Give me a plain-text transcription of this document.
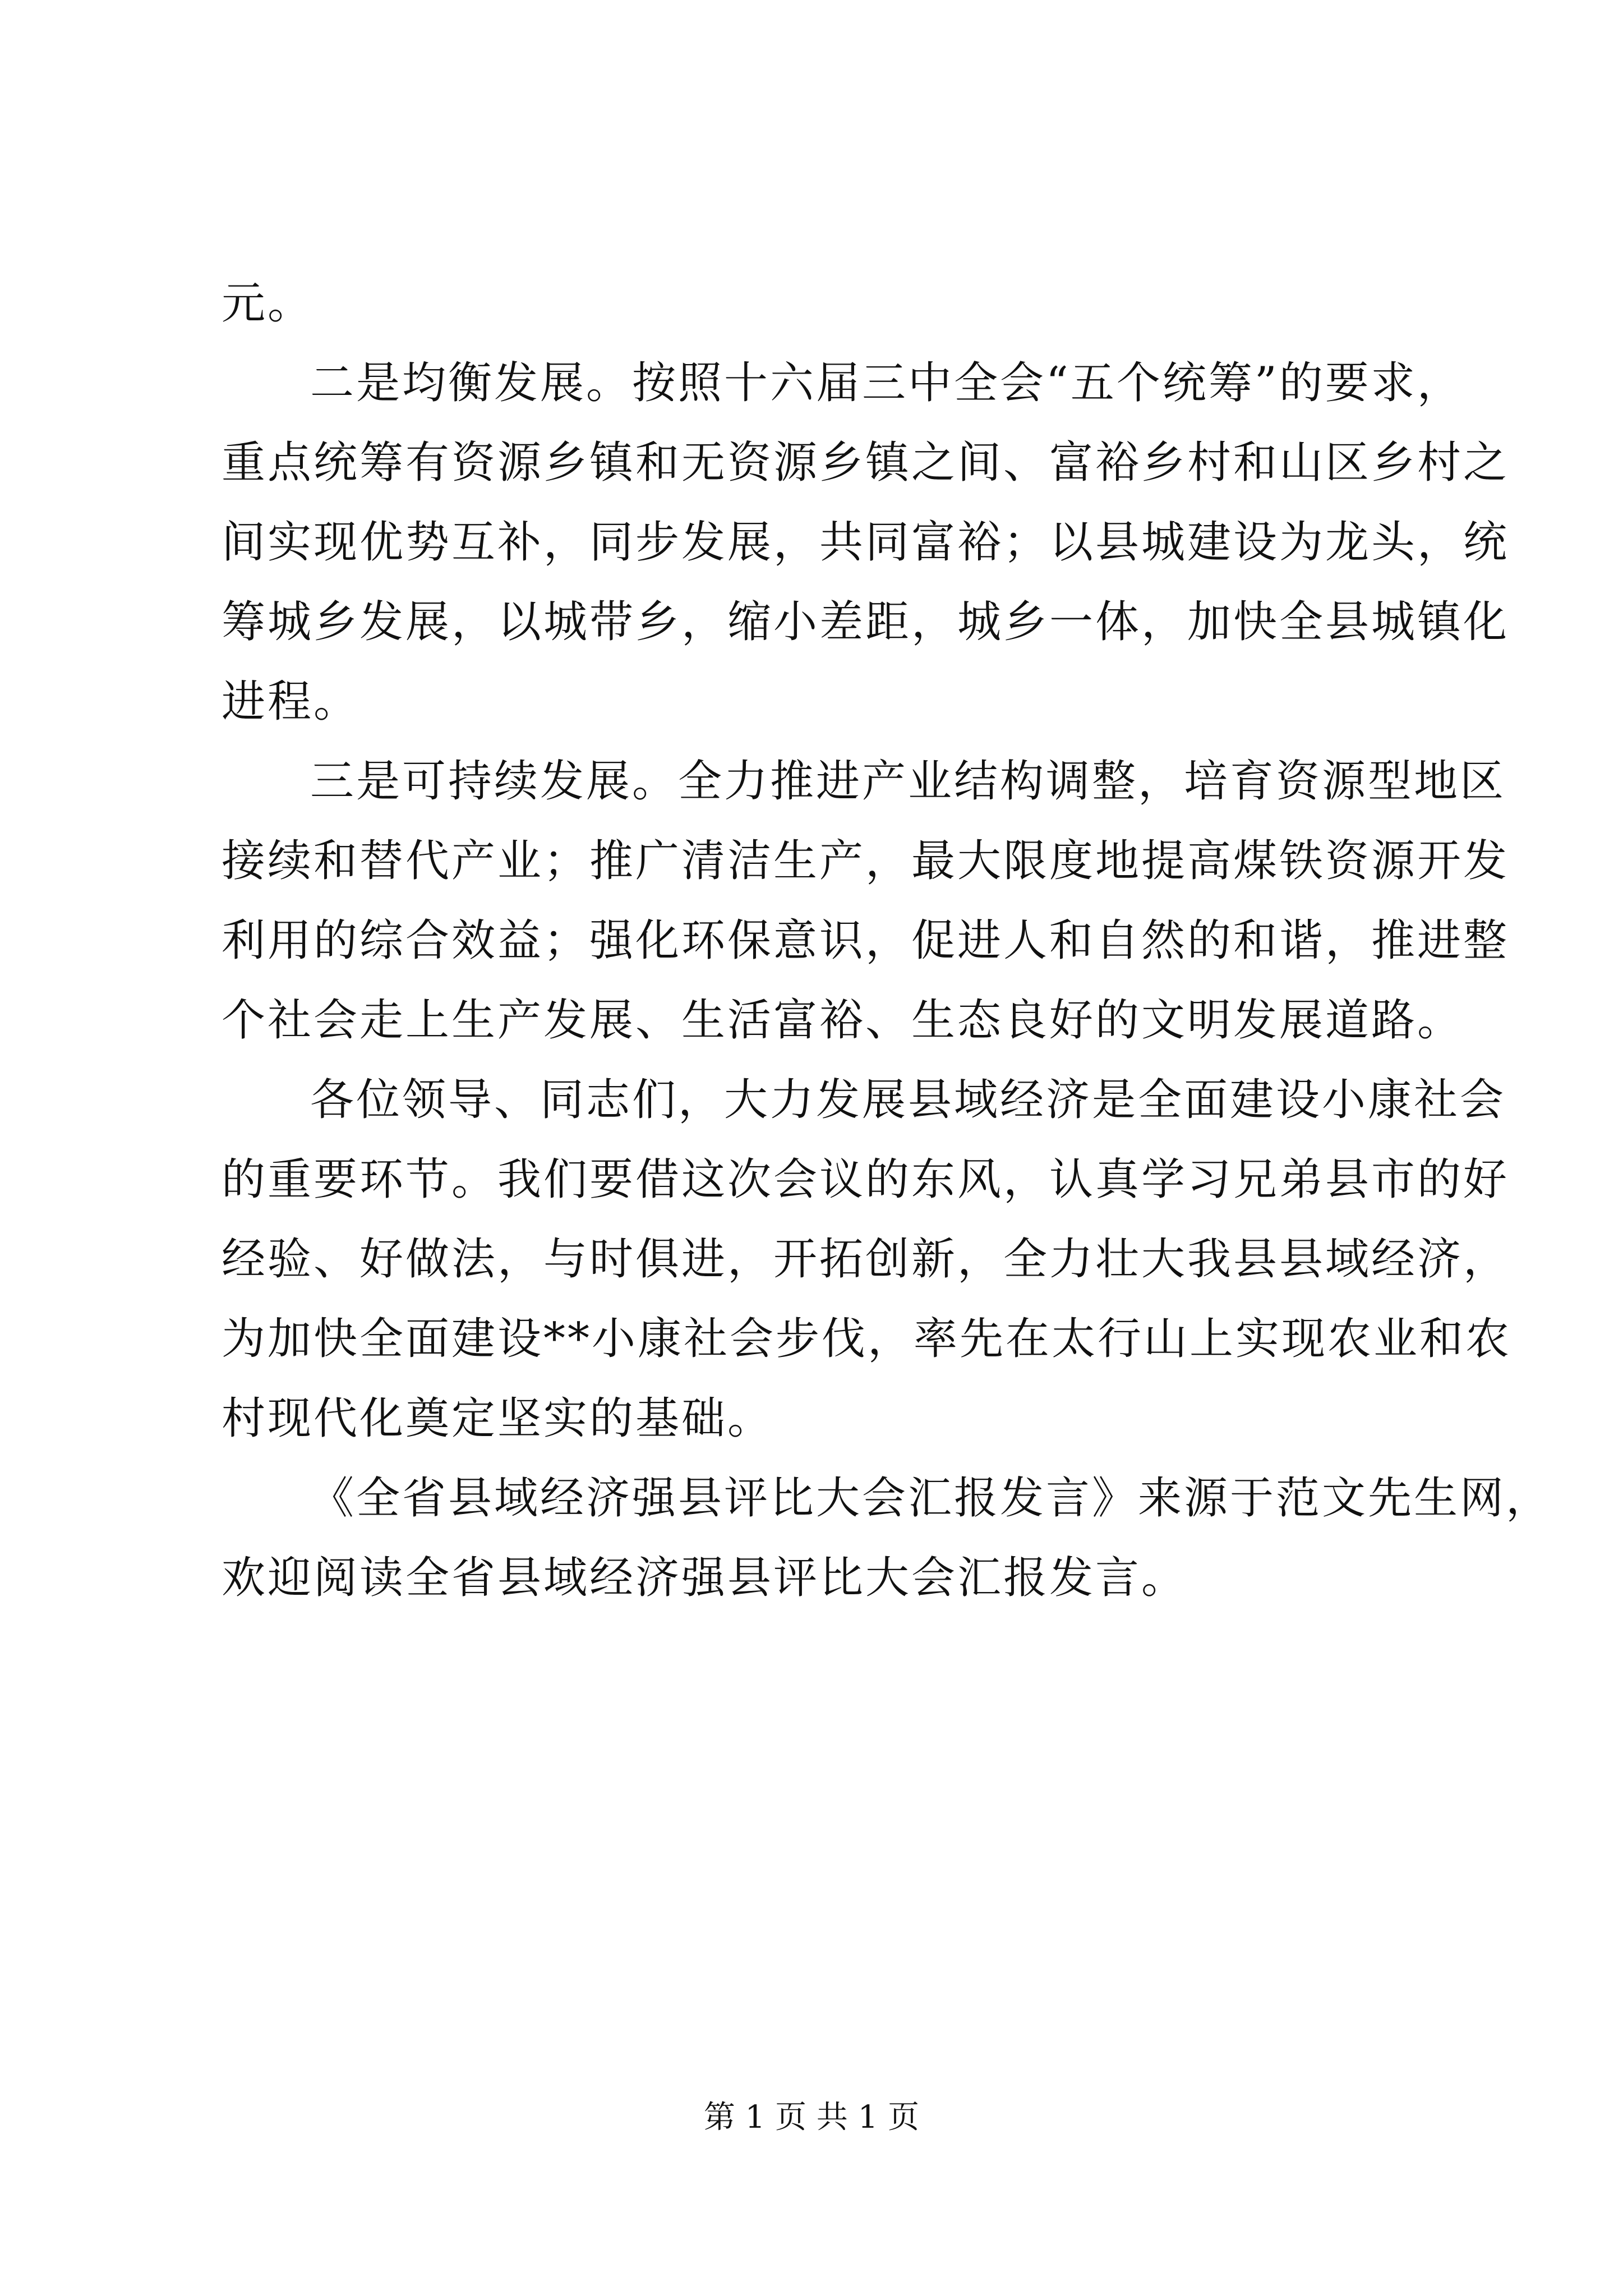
元。
二是均衡发展。按照十六届三中全会“五个统筹”的要求，
重点统筹有资源乡镇和无资源乡镇之间、富裕乡村和山区乡村之
间实现优势互补，同步发展，共同富裕；以县城建设为龙头，统
筹城乡发展，以城带乡，缩小差距，城乡一体，加快全县城镇化
进程。
三是可持续发展。全力推进产业结构调整，培育资源型地区
接续和替代产业；推广清洁生产，最大限度地提高煤铁资源开发
利用的综合效益；强化环保意识，促进人和自然的和谐，推进整
个社会走上生产发展、生活富裕、生态良好的文明发展道路。
各位领导、同志们，大力发展县域经济是全面建设小康社会
的重要环节。我们要借这次会议的东风，认真学习兄弟县市的好
经验、好做法，与时俱进，开拓创新，全力壮大我县县域经济，
为加快全面建设**小康社会步伐，率先在太行山上实现农业和农
村现代化奠定坚实的基础。
《全省县域经济强县评比大会汇报发言》来源于范文先生网，
欢迎阅读全省县域经济强县评比大会汇报发言。
第 1 页 共 1 页
